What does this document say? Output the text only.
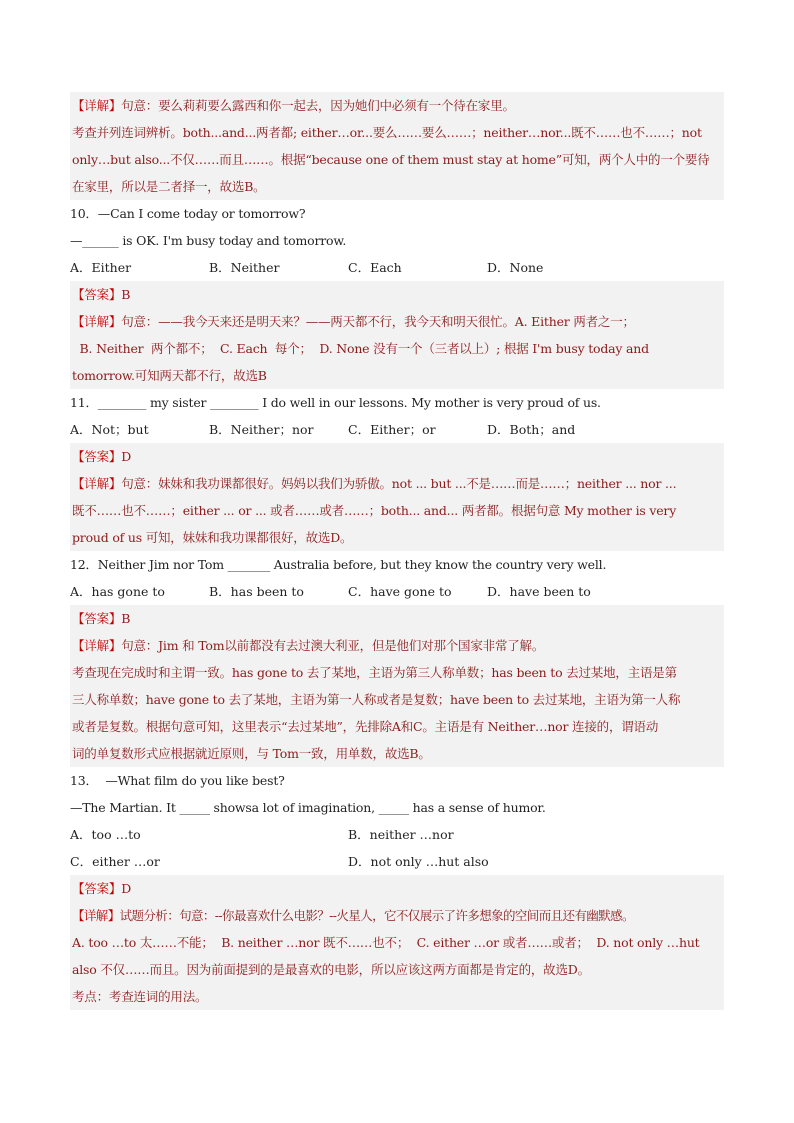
【详解】句意：要么莉莉要么露西和你一起去，因为她们中必须有一个待在家里。
考查并列连词辨析。both...and...两者都; either…or...要么……要么……；neither…nor...既不……也不……；not
only…but also...不仅……而且……。根据“because one of them must stay at home”可知，两个人中的一个要待
在家里，所以是二者择一，故选B。
10．—Can I come today or tomorrow?
—______ is OK. I'm busy today and tomorrow.
A．Either	B．Neither	C．Each	D．None
【答案】B
【详解】句意：——我今天来还是明天来？——两天都不行，我今天和明天很忙。A. Either 两者之一；
B. Neither  两个都不；  C. Each  每个；  D. None 没有一个（三者以上）; 根据 I'm busy today and
tomorrow.可知两天都不行，故选B
11．________ my sister ________ I do well in our lessons. My mother is very proud of us.
A．Not；but	B．Neither；nor	C．Either；or	D．Both；and
【答案】D
【详解】句意：妹妹和我功课都很好。妈妈以我们为骄傲。not ... but ...不是……而是……；neither ... nor ...
既不……也不……；either ... or ... 或者……或者……；both... and... 两者都。根据句意 My mother is very
proud of us 可知，妹妹和我功课都很好，故选D。
12．Neither Jim nor Tom _______ Australia before, but they know the country very well.
A．has gone to	B．has been to	C．have gone to	D．have been to
【答案】B
【详解】句意：Jim 和 Tom以前都没有去过澳大利亚，但是他们对那个国家非常了解。
考查现在完成时和主谓一致。has gone to 去了某地，主语为第三人称单数；has been to 去过某地，主语是第
三人称单数；have gone to 去了某地，主语为第一人称或者是复数；have been to 去过某地，主语为第一人称
或者是复数。根据句意可知，这里表示“去过某地”，先排除A和C。主语是有 Neither…nor 连接的，谓语动
词的单复数形式应根据就近原则，与 Tom一致，用单数，故选B。
13．  —What film do you like best?
—The Martian. It _____ showsa lot of imagination, _____ has a sense of humor.
A．too …to	B．neither …nor
C．either …or	D．not only …hut also
【答案】D
【详解】试题分析：句意：--你最喜欢什么电影？--火星人，它不仅展示了许多想象的空间而且还有幽默感。
A. too …to 太……不能；  B. neither …nor 既不……也不；  C. either …or 或者……或者；  D. not only …hut
also 不仅……而且。因为前面提到的是最喜欢的电影，所以应该这两方面都是肯定的，故选D。
考点：考查连词的用法。
